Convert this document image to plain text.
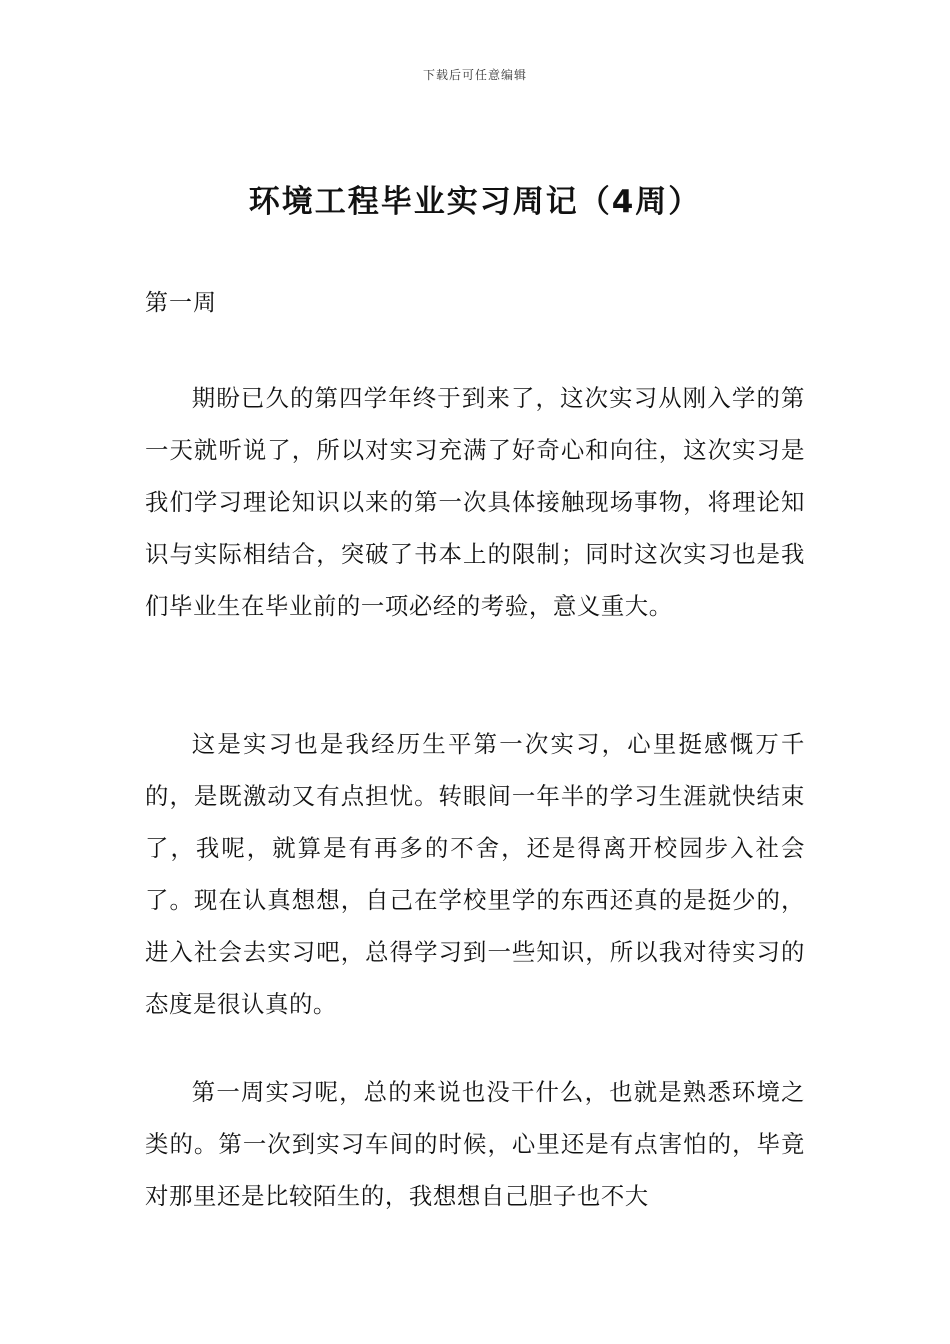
下载后可任意编辑
环境工程毕业实习周记（4周）
第一周

期盼已久的第四学年终于到来了，这次实习从刚入学的第一天就听说了，所以对实习充满了好奇心和向往，这次实习是我们学习理论知识以来的第一次具体接触现场事物，将理论知识与实际相结合，突破了书本上的限制；同时这次实习也是我们毕业生在毕业前的一项必经的考验，意义重大。

这是实习也是我经历生平第一次实习，心里挺感慨万千的，是既激动又有点担忧。转眼间一年半的学习生涯就快结束了，我呢，就算是有再多的不舍，还是得离开校园步入社会了。现在认真想想，自己在学校里学的东西还真的是挺少的，进入社会去实习吧，总得学习到一些知识，所以我对待实习的态度是很认真的。

第一周实习呢，总的来说也没干什么，也就是熟悉环境之类的。第一次到实习车间的时候，心里还是有点害怕的，毕竟对那里还是比较陌生的，我想想自己胆子也不大
